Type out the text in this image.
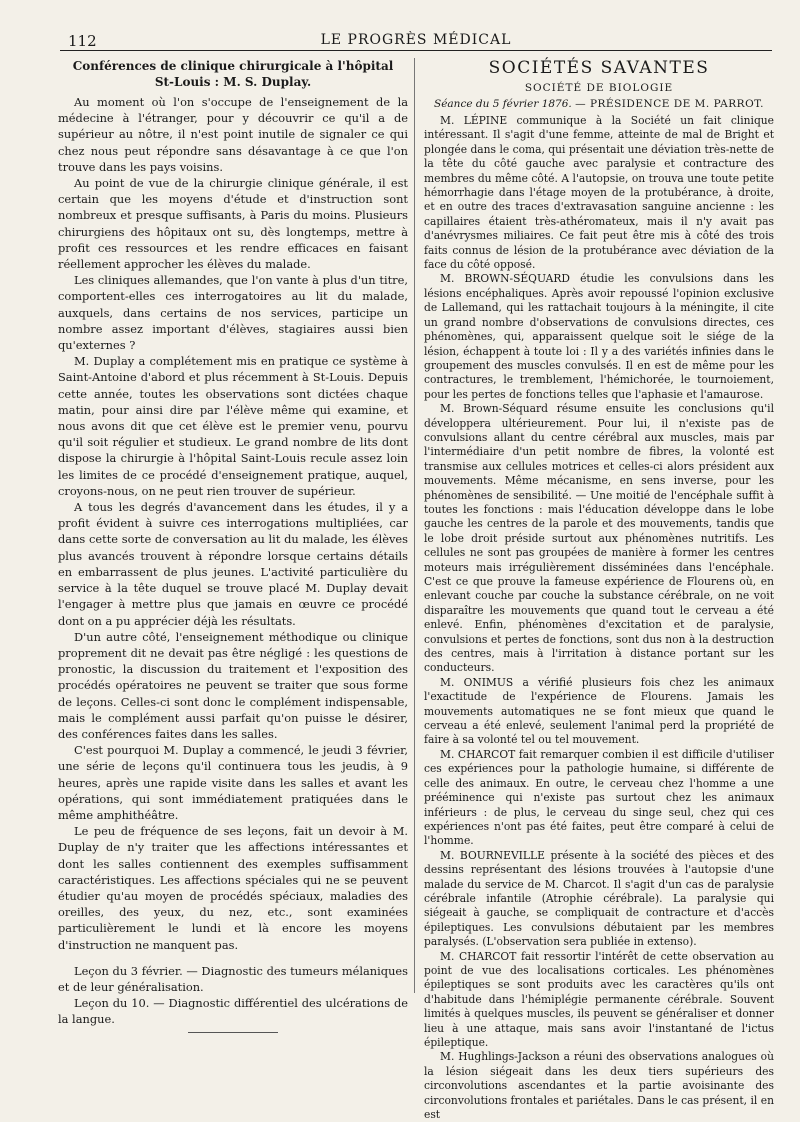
112	LE PROGRÈS MÉDICAL
Conférences de clinique chirurgicale à l'hôpital
St-Louis : M. S. Duplay.

Au moment où l'on s'occupe de l'enseignement de la médecine à l'étranger, pour y découvrir ce qu'il a de supérieur au nôtre, il n'est point inutile de signaler ce qui chez nous peut répondre sans désavantage à ce que l'on trouve dans les pays voisins.

Au point de vue de la chirurgie clinique générale, il est certain que les moyens d'étude et d'instruction sont nombreux et presque suffisants, à Paris du moins. Plusieurs chirurgiens des hôpitaux ont su, dès longtemps, mettre à profit ces ressources et les rendre efficaces en faisant réellement approcher les élèves du malade.

Les cliniques allemandes, que l'on vante à plus d'un titre, comportent-elles ces interrogatoires au lit du malade, auxquels, dans certains de nos services, participe un nombre assez important d'élèves, stagiaires aussi bien qu'externes ?

M. Duplay a complétement mis en pratique ce système à Saint-Antoine d'abord et plus récemment à St-Louis. Depuis cette année, toutes les observations sont dictées chaque matin, pour ainsi dire par l'élève même qui examine, et nous avons dit que cet élève est le premier venu, pourvu qu'il soit régulier et studieux. Le grand nombre de lits dont dispose la chirurgie à l'hôpital Saint-Louis recule assez loin les limites de ce procédé d'enseignement pratique, auquel, croyons-nous, on ne peut rien trouver de supérieur.

A tous les degrés d'avancement dans les études, il y a profit évident à suivre ces interrogations multipliées, car dans cette sorte de conversation au lit du malade, les élèves plus avancés trouvent à répondre lorsque certains détails en embarrassent de plus jeunes. L'activité particulière du service à la tête duquel se trouve placé M. Duplay devait l'engager à mettre plus que jamais en œuvre ce procédé dont on a pu apprécier déjà les résultats.

D'un autre côté, l'enseignement méthodique ou clinique proprement dit ne devait pas être négligé : les questions de pronostic, la discussion du traitement et l'exposition des procédés opératoires ne peuvent se traiter que sous forme de leçons. Celles-ci sont donc le complément indispensable, mais le complément aussi parfait qu'on puisse le désirer, des conférences faites dans les salles.

C'est pourquoi M. Duplay a commencé, le jeudi 3 février, une série de leçons qu'il continuera tous les jeudis, à 9 heures, après une rapide visite dans les salles et avant les opérations, qui sont immédiatement pratiquées dans le même amphithéâtre.

Le peu de fréquence de ses leçons, fait un devoir à M. Duplay de n'y traiter que les affections intéressantes et dont les salles contiennent des exemples suffisamment caractéristiques. Les affections spéciales qui ne se peuvent étudier qu'au moyen de procédés spéciaux, maladies des oreilles, des yeux, du nez, etc., sont examinées particulièrement le lundi et là encore les moyens d'instruction ne manquent pas.

Leçon du 3 février. — Diagnostic des tumeurs mélaniques et de leur généralisation.

Leçon du 10. — Diagnostic différentiel des ulcérations de la langue.

SOCIÉTÉS SAVANTES
SOCIÉTÉ DE BIOLOGIE
Séance du 5 février 1876. — PRÉSIDENCE DE M. PARROT.

M. LÉPINE communique à la Société un fait clinique intéressant. Il s'agit d'une femme, atteinte de mal de Bright et plongée dans le coma, qui présentait une déviation très-nette de la tête du côté gauche avec paralysie et contracture des membres du même côté. A l'autopsie, on trouva une toute petite hémorrhagie dans l'étage moyen de la protubérance, à droite, et en outre des traces d'extravasation sanguine ancienne : les capillaires étaient très-athéromateux, mais il n'y avait pas d'anévrysmes miliaires. Ce fait peut être mis à côté des trois faits connus de lésion de la protubérance avec déviation de la face du côté opposé.

M. BROWN-SÉQUARD étudie les convulsions dans les lésions encéphaliques. Après avoir repoussé l'opinion exclusive de Lallemand, qui les rattachait toujours à la méningite, il cite un grand nombre d'observations de convulsions directes, ces phénomènes, qui, apparaissent quelque soit le siége de la lésion, échappent à toute loi : Il y a des variétés infinies dans le groupement des muscles convulsés. Il en est de même pour les contractures, le tremblement, l'hémichorée, le tournoiement, pour les pertes de fonctions telles que l'aphasie et l'amaurose.

M. Brown-Séquard résume ensuite les conclusions qu'il développera ultérieurement. Pour lui, il n'existe pas de convulsions allant du centre cérébral aux muscles, mais par l'intermédiaire d'un petit nombre de fibres, la volonté est transmise aux cellules motrices et celles-ci alors président aux mouvements. Même mécanisme, en sens inverse, pour les phénomènes de sensibilité. — Une moitié de l'encéphale suffit à toutes les fonctions : mais l'éducation développe dans le lobe gauche les centres de la parole et des mouvements, tandis que le lobe droit préside surtout aux phénomènes nutritifs. Les cellules ne sont pas groupées de manière à former les centres moteurs mais irrégulièrement disséminées dans l'encéphale. C'est ce que prouve la fameuse expérience de Flourens où, en enlevant couche par couche la substance cérébrale, on ne voit disparaître les mouvements que quand tout le cerveau a été enlevé. Enfin, phénomènes d'excitation et de paralysie, convulsions et pertes de fonctions, sont dus non à la destruction des centres, mais à l'irritation à distance portant sur les conducteurs.

M. ONIMUS a vérifié plusieurs fois chez les animaux l'exactitude de l'expérience de Flourens. Jamais les mouvements automatiques ne se font mieux que quand le cerveau a été enlevé, seulement l'animal perd la propriété de faire à sa volonté tel ou tel mouvement.

M. CHARCOT fait remarquer combien il est difficile d'utiliser ces expériences pour la pathologie humaine, si différente de celle des animaux. En outre, le cerveau chez l'homme a une prééminence qui n'existe pas surtout chez les animaux inférieurs : de plus, le cerveau du singe seul, chez qui ces expériences n'ont pas été faites, peut être comparé à celui de l'homme.

M. BOURNEVILLE présente à la société des pièces et des dessins représentant des lésions trouvées à l'autopsie d'une malade du service de M. Charcot. Il s'agit d'un cas de paralysie cérébrale infantile (Atrophie cérébrale). La paralysie qui siégeait à gauche, se compliquait de contracture et d'accès épileptiques. Les convulsions débutaient par les membres paralysés. (L'observation sera publiée in extenso).

M. CHARCOT fait ressortir l'intérêt de cette observation au point de vue des localisations corticales. Les phénomènes épileptiques se sont produits avec les caractères qu'ils ont d'habitude dans l'hémiplégie permanente cérébrale. Souvent limités à quelques muscles, ils peuvent se généraliser et donner lieu à une attaque, mais sans avoir l'instantané de l'ictus épileptique.

M. Hughlings-Jackson a réuni des observations analogues où la lésion siégeait dans les deux tiers supérieurs des circonvolutions ascendantes et la partie avoisinante des circonvolutions frontales et pariétales. Dans le cas présent, il en est
